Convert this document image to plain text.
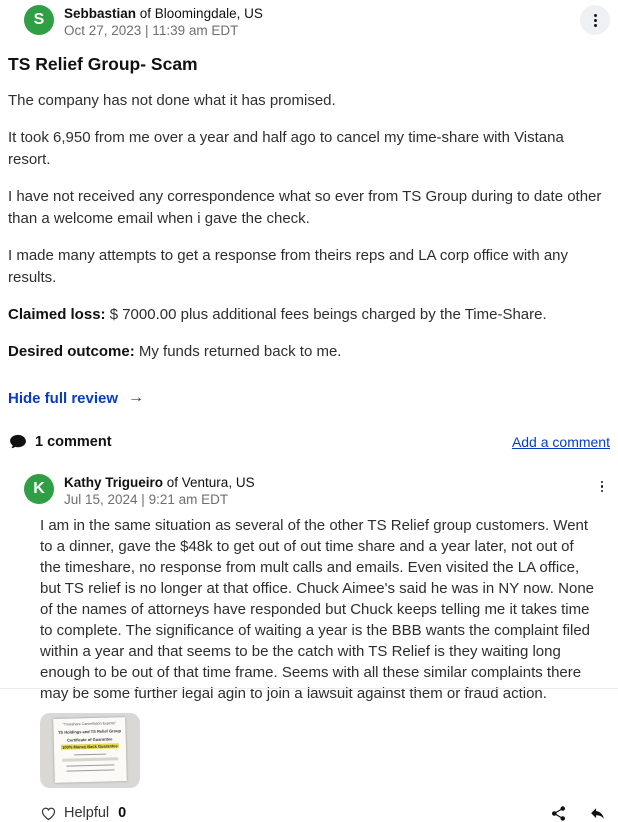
S	Sebbastian of Bloomingdale, US
Oct 27, 2023 | 11:39 am EDT
TS Relief Group- Scam

The company has not done what it has promised.

It took 6,950 from me over a year and half ago to cancel my time-share with Vistana resort.

I have not received any correspondence what so ever from TS Group during to date other than a welcome email when i gave the check.

I made many attempts to get a response from theirs reps and LA corp office with any results.

Claimed loss: $ 7000.00 plus additional fees beings charged by the Time-Share.

Desired outcome: My funds returned back to me.

Hide full review →
1 comment	Add a comment
K	Kathy Trigueiro of Ventura, US
Jul 15, 2024 | 9:21 am EDT
I am in the same situation as several of the other TS Relief group customers. Went to a dinner, gave the $48k to get out of out time share and a year later, not out of the timeshare, no response from mult calls and emails. Even visited the LA office, but TS relief is no longer at that office. Chuck Aimee's said he was in NY now. None of the names of attorneys have responded but Chuck keeps telling me it takes time to complete. The significance of waiting a year is the BBB wants the complaint filed within a year and that seems to be the catch with TS Relief is they waiting long enough to be out of that time frame. Seems with all these similar complaints there may be some further legal agin to join a lawsuit against them or fraud action.
"Timeshare Cancellation Experts"
TS Holdings and TS Relief Group
Certificate of Guarantee
100% Money Back Guarantee
Helpful 0
